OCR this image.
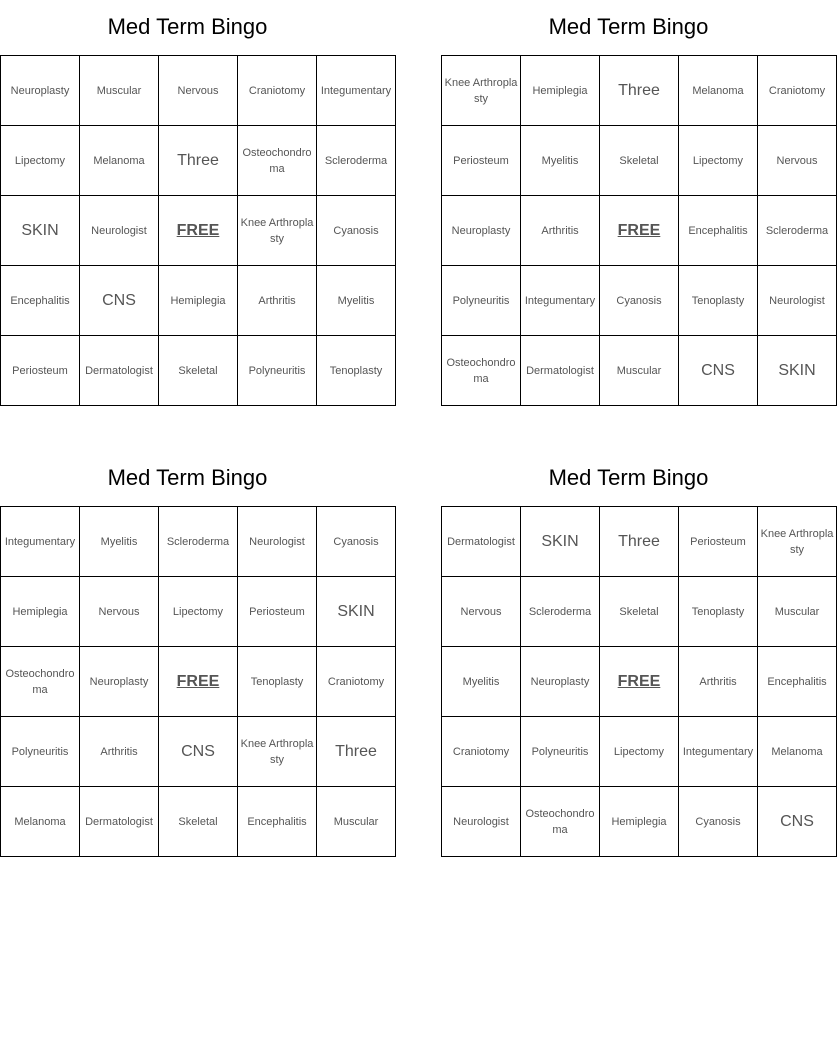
Med Term Bingo
Neuroplasty	Muscular	Nervous	Craniotomy	Integumentary
Lipectomy	Melanoma	Three	Osteochondroma	Scleroderma
SKIN	Neurologist	FREE	Knee Arthroplasty	Cyanosis
Encephalitis	CNS	Hemiplegia	Arthritis	Myelitis
Periosteum	Dermatologist	Skeletal	Polyneuritis	Tenoplasty
Med Term Bingo
Knee Arthroplasty	Hemiplegia	Three	Melanoma	Craniotomy
Periosteum	Myelitis	Skeletal	Lipectomy	Nervous
Neuroplasty	Arthritis	FREE	Encephalitis	Scleroderma
Polyneuritis	Integumentary	Cyanosis	Tenoplasty	Neurologist
Osteochondroma	Dermatologist	Muscular	CNS	SKIN
Med Term Bingo
Integumentary	Myelitis	Scleroderma	Neurologist	Cyanosis
Hemiplegia	Nervous	Lipectomy	Periosteum	SKIN
Osteochondroma	Neuroplasty	FREE	Tenoplasty	Craniotomy
Polyneuritis	Arthritis	CNS	Knee Arthroplasty	Three
Melanoma	Dermatologist	Skeletal	Encephalitis	Muscular
Med Term Bingo
Dermatologist	SKIN	Three	Periosteum	Knee Arthroplasty
Nervous	Scleroderma	Skeletal	Tenoplasty	Muscular
Myelitis	Neuroplasty	FREE	Arthritis	Encephalitis
Craniotomy	Polyneuritis	Lipectomy	Integumentary	Melanoma
Neurologist	Osteochondroma	Hemiplegia	Cyanosis	CNS
